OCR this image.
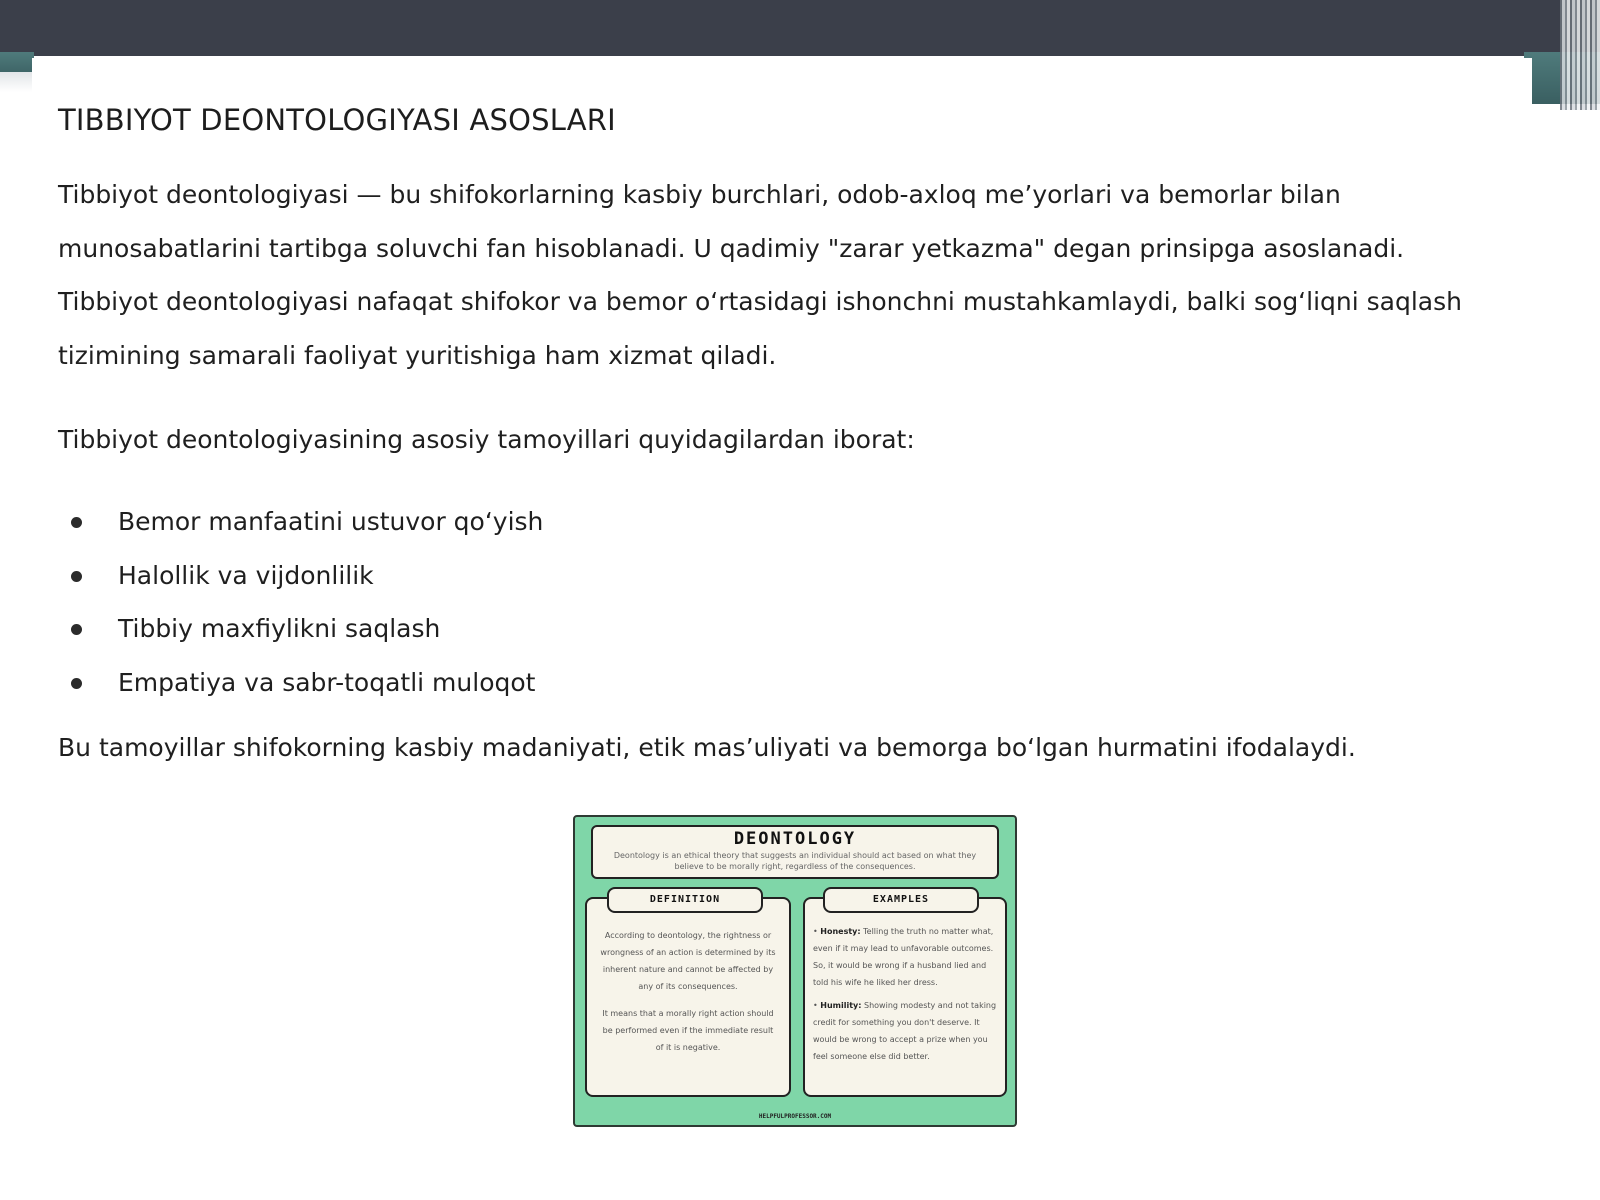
TIBBIYOT DEONTOLOGIYASI ASOSLARI

Tibbiyot deontologiyasi — bu shifokorlarning kasbiy burchlari, odob-axloq me’yorlari va bemorlar bilan munosabatlarini tartibga soluvchi fan hisoblanadi. U qadimiy "zarar yetkazma" degan prinsipga asoslanadi. Tibbiyot deontologiyasi nafaqat shifokor va bemor o‘rtasidagi ishonchni mustahkamlaydi, balki sog‘liqni saqlash tizimining samarali faoliyat yuritishiga ham xizmat qiladi.

Tibbiyot deontologiyasining asosiy tamoyillari quyidagilardan iborat:

Bemor manfaatini ustuvor qo‘yish
Halollik va vijdonlilik
Tibbiy maxfiylikni saqlash
Empatiya va sabr-toqatli muloqot

Bu tamoyillar shifokorning kasbiy madaniyati, etik mas’uliyati va bemorga bo‘lgan hurmatini ifodalaydi.

DEONTOLOGY
Deontology is an ethical theory that suggests an individual should act based on what they believe to be morally right, regardless of the consequences.

According to deontology, the rightness or wrongness of an action is determined by its inherent nature and cannot be affected by any of its consequences.

It means that a morally right action should be performed even if the immediate result of it is negative.

DEFINITION

• Honesty: Telling the truth no matter what, even if it may lead to unfavorable outcomes. So, it would be wrong if a husband lied and told his wife he liked her dress.

• Humility: Showing modesty and not taking credit for something you don't deserve. It would be wrong to accept a prize when you feel someone else did better.

EXAMPLES
HELPFULPROFESSOR.COM
